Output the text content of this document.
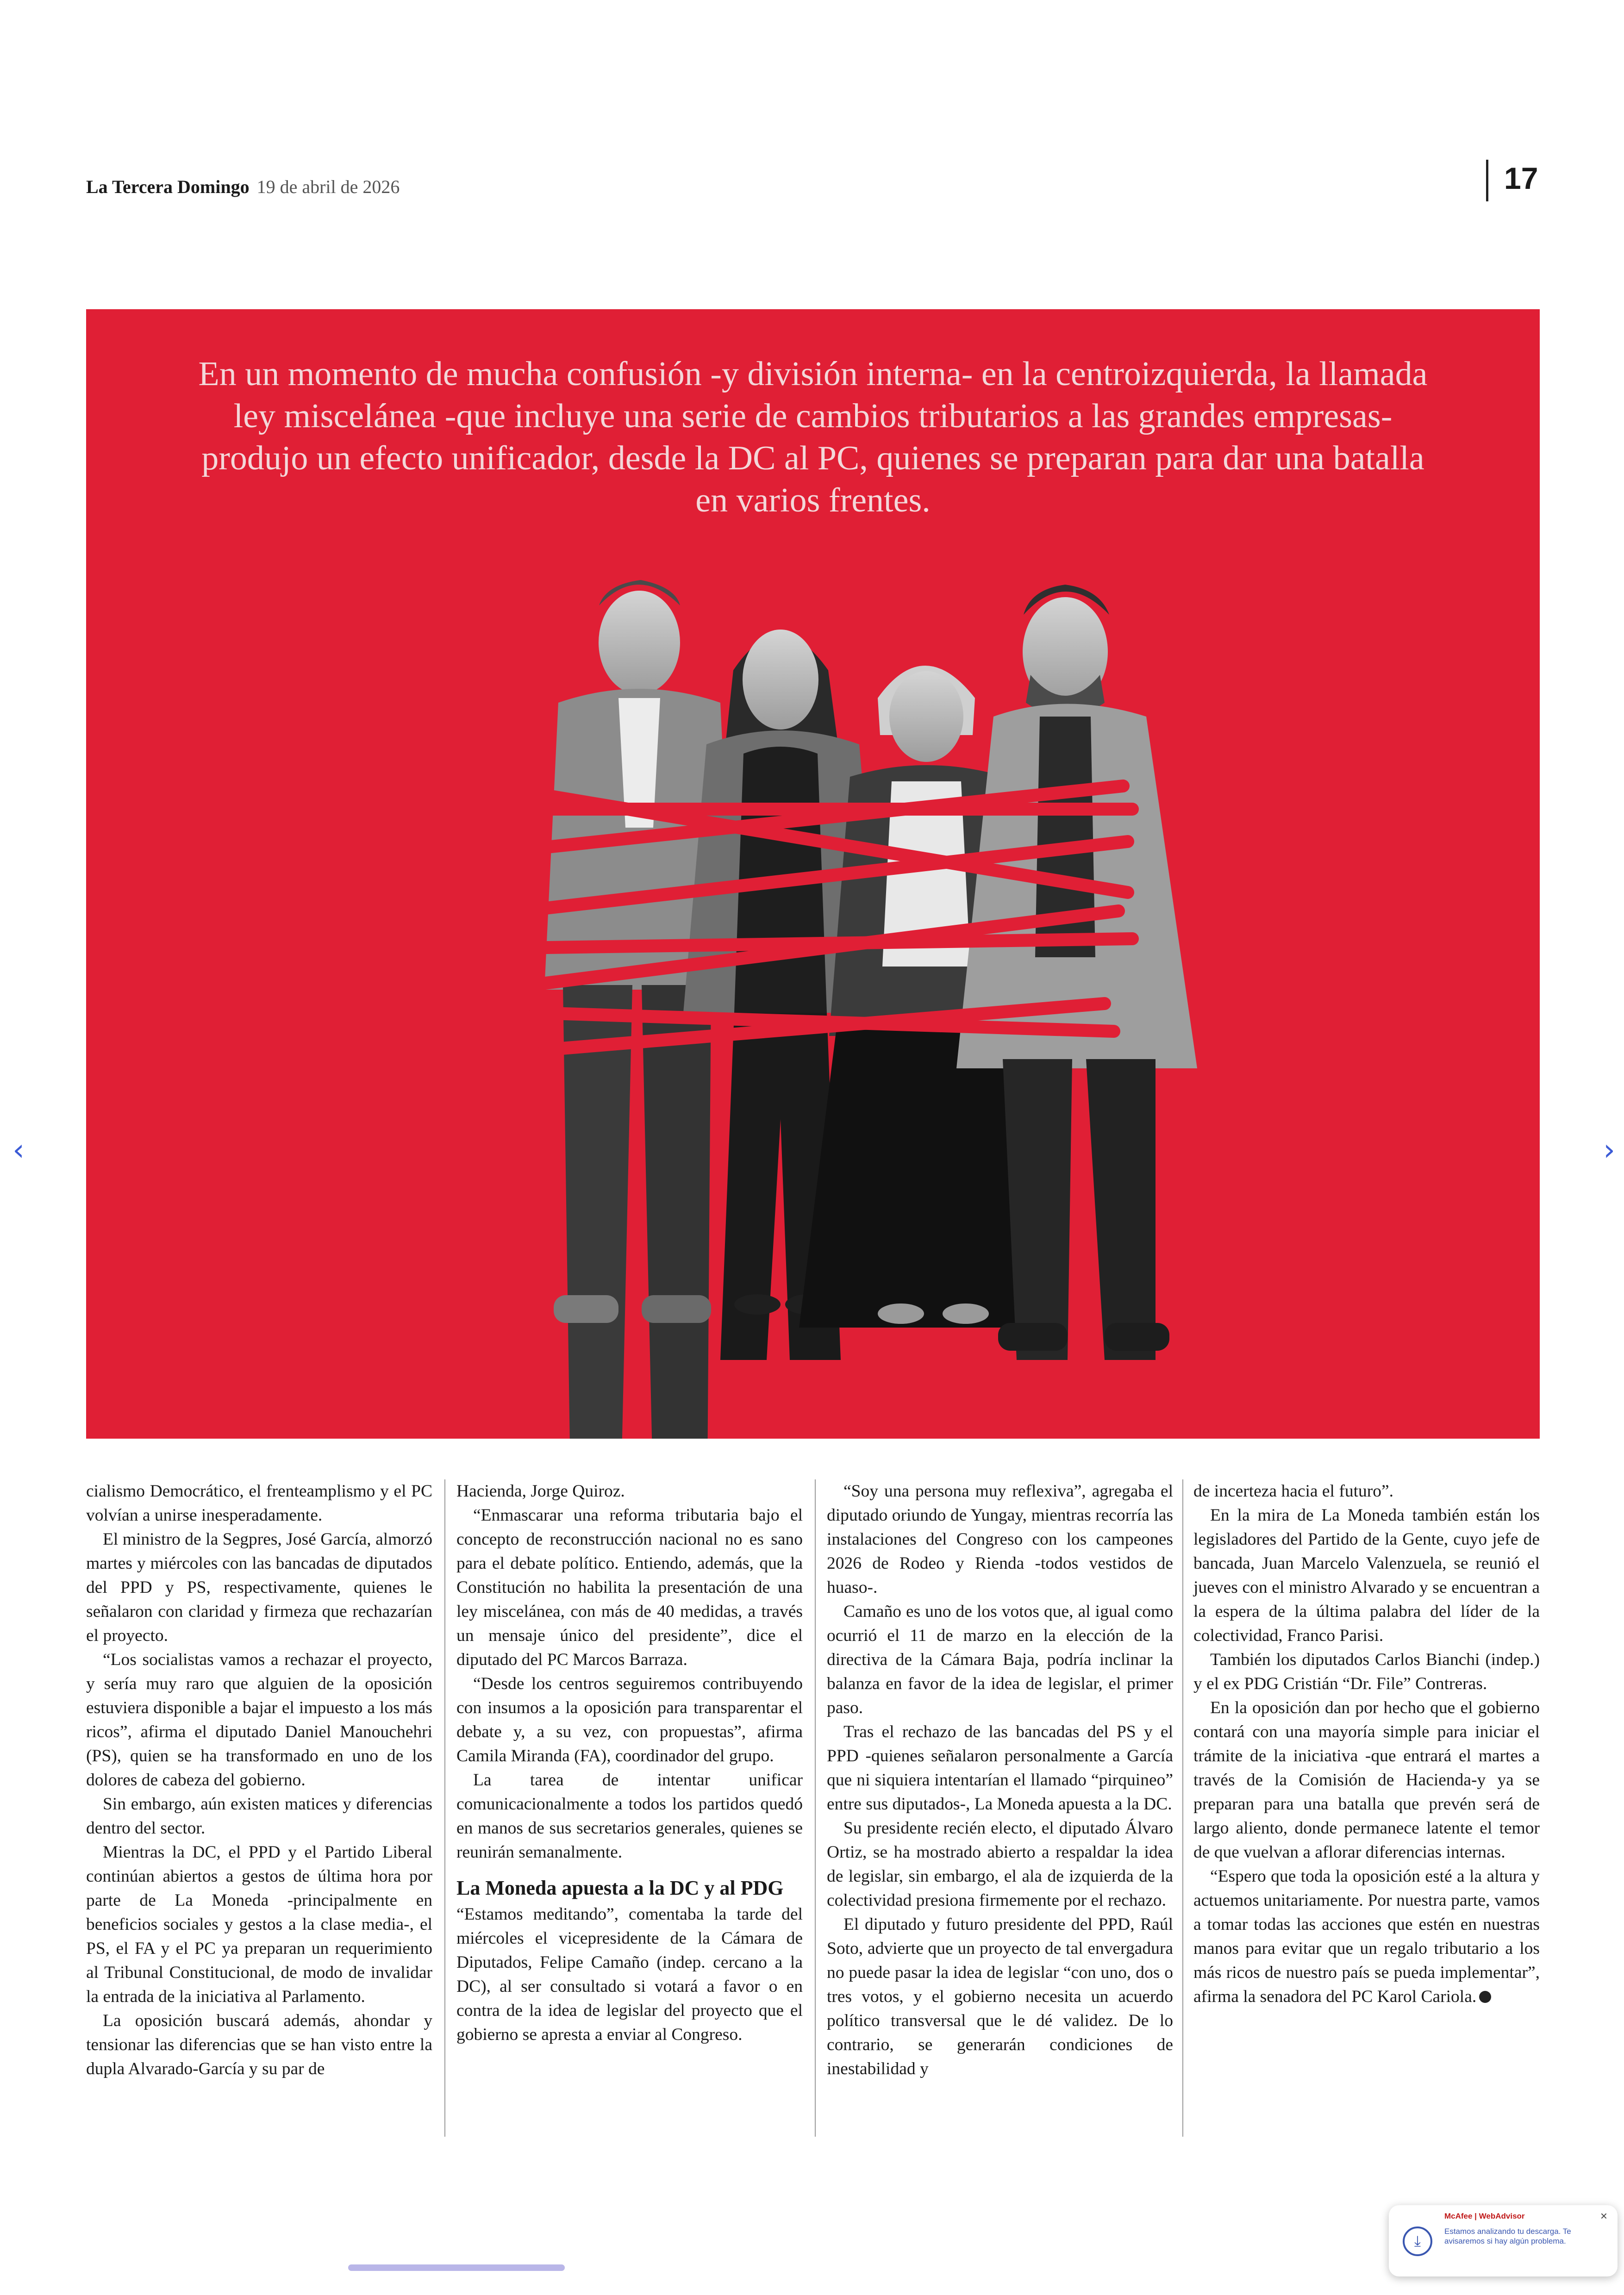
La Tercera Domingo 19 de abril de 2026	17
En un momento de mucha confusión -y división interna- en la centroizquierda, la llamada ley miscelánea -que incluye una serie de cambios tributarios a las grandes empresas- produjo un efecto unificador, desde la DC al PC, quienes se preparan para dar una batalla en varios frentes.
‹	›

cialismo Democrático, el frenteamplismo y el PC volvían a unirse inesperadamente.

El ministro de la Segpres, José García, almorzó martes y miércoles con las bancadas de diputados del PPD y PS, respectivamente, quienes le señalaron con claridad y firmeza que rechazarían el proyecto.

“Los socialistas vamos a rechazar el proyecto, y sería muy raro que alguien de la oposición estuviera disponible a bajar el impuesto a los más ricos”, afirma el diputado Daniel Manouchehri (PS), quien se ha transformado en uno de los dolores de cabeza del gobierno.

Sin embargo, aún existen matices y diferencias dentro del sector.

Mientras la DC, el PPD y el Partido Liberal continúan abiertos a gestos de última hora por parte de La Moneda -principalmente en beneficios sociales y gestos a la clase media-, el PS, el FA y el PC ya preparan un requerimiento al Tribunal Constitucional, de modo de invalidar la entrada de la iniciativa al Parlamento.

La oposición buscará además, ahondar y tensionar las diferencias que se han visto entre la dupla Alvarado-García y su par de

Hacienda, Jorge Quiroz.

“Enmascarar una reforma tributaria bajo el concepto de reconstrucción nacional no es sano para el debate político. Entiendo, además, que la Constitución no habilita la presentación de una ley miscelánea, con más de 40 medidas, a través un mensaje único del presidente”, dice el diputado del PC Marcos Barraza.

“Desde los centros seguiremos contribuyendo con insumos a la oposición para transparentar el debate y, a su vez, con propuestas”, afirma Camila Miranda (FA), coordinador del grupo.

La tarea de intentar unificar comunicacionalmente a todos los partidos quedó en manos de sus secretarios generales, quienes se reunirán semanalmente.

La Moneda apuesta a la DC y al PDG

“Estamos meditando”, comentaba la tarde del miércoles el vicepresidente de la Cámara de Diputados, Felipe Camaño (indep. cercano a la DC), al ser consultado si votará a favor o en contra de la idea de legislar del proyecto que el gobierno se apresta a enviar al Congreso.

“Soy una persona muy reflexiva”, agregaba el diputado oriundo de Yungay, mientras recorría las instalaciones del Congreso con los campeones 2026 de Rodeo y Rienda -todos vestidos de huaso-.

Camaño es uno de los votos que, al igual como ocurrió el 11 de marzo en la elección de la directiva de la Cámara Baja, podría inclinar la balanza en favor de la idea de legislar, el primer paso.

Tras el rechazo de las bancadas del PS y el PPD -quienes señalaron personalmente a García que ni siquiera intentarían el llamado “pirquineo” entre sus diputados-, La Moneda apuesta a la DC.

Su presidente recién electo, el diputado Álvaro Ortiz, se ha mostrado abierto a respaldar la idea de legislar, sin embargo, el ala de izquierda de la colectividad presiona firmemente por el rechazo.

El diputado y futuro presidente del PPD, Raúl Soto, advierte que un proyecto de tal envergadura no puede pasar la idea de legislar “con uno, dos o tres votos, y el gobierno necesita un acuerdo político transversal que le dé validez. De lo contrario, se generarán condiciones de inestabilidad y

de incerteza hacia el futuro”.

En la mira de La Moneda también están los legisladores del Partido de la Gente, cuyo jefe de bancada, Juan Marcelo Valenzuela, se reunió el jueves con el ministro Alvarado y se encuentran a la espera de la última palabra del líder de la colectividad, Franco Parisi.

También los diputados Carlos Bianchi (indep.) y el ex PDG Cristián “Dr. File” Contreras.

En la oposición dan por hecho que el gobierno contará con una mayoría simple para iniciar el trámite de la iniciativa -que entrará el martes a través de la Comisión de Hacienda-y ya se preparan para una batalla que prevén será de largo aliento, donde permanece latente el temor de que vuelvan a aflorar diferencias internas.

“Espero que toda la oposición esté a la altura y actuemos unitariamente. Por nuestra parte, vamos a tomar todas las acciones que estén en nuestras manos para evitar que un regalo tributario a los más ricos de nuestro país se pueda implementar”, afirma la senadora del PC Karol Cariola.

⤓
McAfee | WebAdvisor	×
Estamos analizando tu descarga. Te avisaremos si hay algún problema.
